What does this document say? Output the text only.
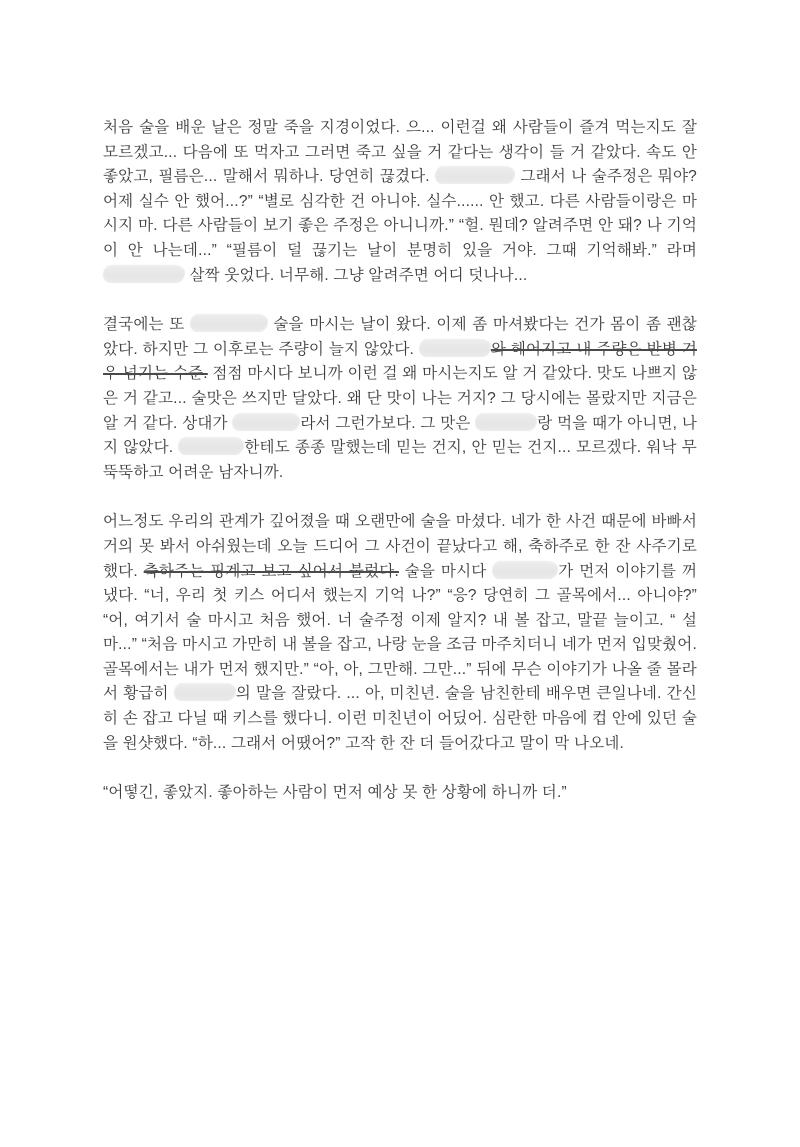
처음 술을 배운 날은 정말 죽을 지경이었다. 으... 이런걸 왜 사람들이 즐겨 먹는지도 잘 모르겠고... 다음에 또 먹자고 그러면 죽고 싶을 거 같다는 생각이 들 거 같았다. 속도 안 좋았고, 필름은... 말해서 뭐하나. 당연히 끊겼다.	그래서 나 술주정은 뭐야? 어제 실수 안 했어...?” “별로 심각한 건 아니야. 실수...... 안 했고. 다른 사람들이랑은 마시지 마. 다른 사람들이 보기 좋은 주정은 아니니까.” “헐. 뭔데? 알려주면 안 돼? 나 기억이 안 나는데...” “필름이 덜 끊기는 날이 분명히 있을 거야. 그때 기억해봐.” 라며  살짝 웃었다. 너무해. 그냥 알려주면 어디 덧나나...

결국에는 또	술을 마시는 날이 왔다. 이제 좀 마셔봤다는 건가 몸이 좀 괜찮았다. 하지만 그 이후로는 주량이 늘지 않았다.	와 헤어지고 내 주량은 반병 겨우 넘기는 수준. 점점 마시다 보니까 이런 걸 왜 마시는지도 알 거 같았다. 맛도 나쁘지 않은 거 같고... 술맛은 쓰지만 달았다. 왜 단 맛이 나는 거지? 그 당시에는 몰랐지만 지금은 알 거 같다. 상대가	라서 그런가보다. 그 맛은	랑 먹을 때가 아니면, 나지 않았다.	한테도 종종 말했는데 믿는 건지, 안 믿는 건지... 모르겠다. 워낙 무뚝뚝하고 어려운 남자니까.

어느정도 우리의 관계가 깊어졌을 때 오랜만에 술을 마셨다. 네가 한 사건 때문에 바빠서 거의 못 봐서 아쉬웠는데 오늘 드디어 그 사건이 끝났다고 해, 축하주로 한 잔 사주기로 했다. 축하주는 핑계고 보고 싶어서 불렀다. 술을 마시다	가 먼저 이야기를 꺼냈다. “너, 우리 첫 키스 어디서 했는지 기억 나?” “응? 당연히 그 골목에서... 아니야?” “어, 여기서 술 마시고 처음 했어. 너 술주정 이제 알지? 내 볼 잡고, 말끝 늘이고. “ 설마...” “처음 마시고 가만히 내 볼을 잡고, 나랑 눈을 조금 마주치더니 네가 먼저 입맞췄어. 골목에서는 내가 먼저 했지만.” “아, 아, 그만해. 그만...” 뒤에 무슨 이야기가 나올 줄 몰라서 황급히	의 말을 잘랐다. ... 아, 미친년. 술을 남친한테 배우면 큰일나네. 간신히 손 잡고 다닐 때 키스를 했다니. 이런 미친년이 어딨어. 심란한 마음에 컵 안에 있던 술을 원샷했다. “하... 그래서 어땠어?” 고작 한 잔 더 들어갔다고 말이 막 나오네.

“어떻긴, 좋았지. 좋아하는 사람이 먼저 예상 못 한 상황에 하니까 더.”
